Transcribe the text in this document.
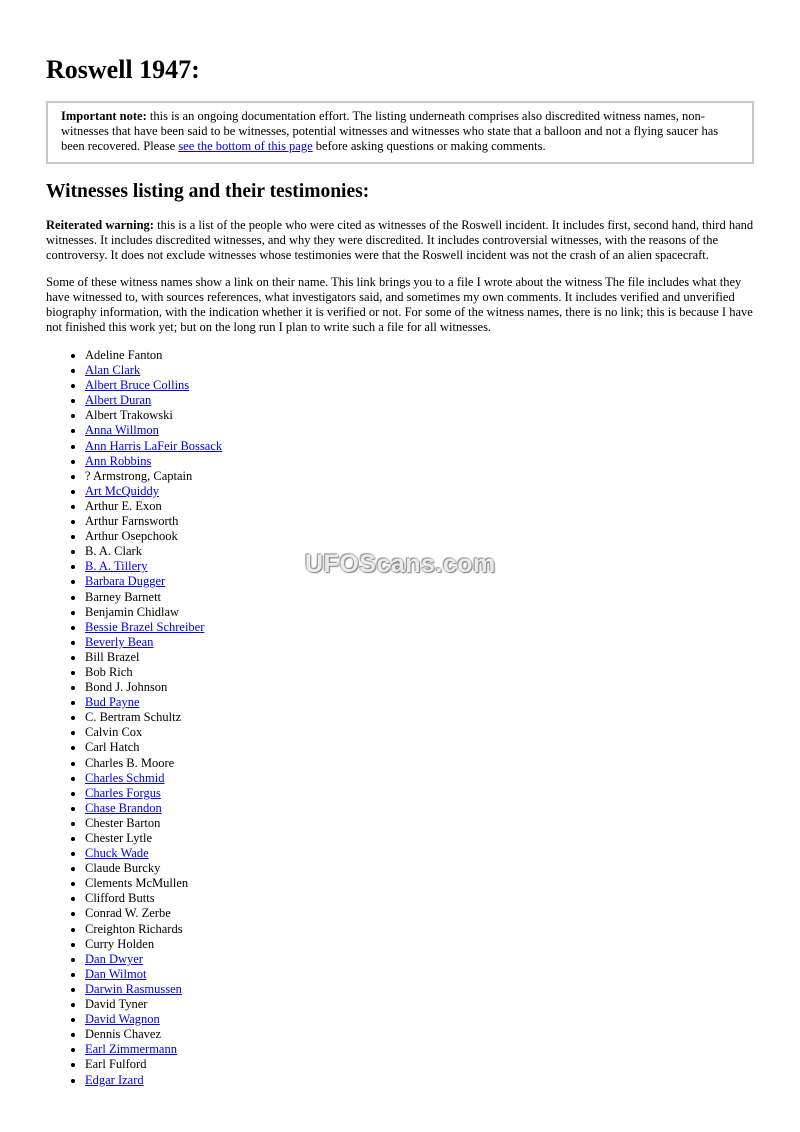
Roswell 1947:
Important note: this is an ongoing documentation effort. The listing underneath comprises also discredited witness names, non-witnesses that have been said to be witnesses, potential witnesses and witnesses who state that a balloon and not a flying saucer has been recovered. Please see the bottom of this page before asking questions or making comments.
Witnesses listing and their testimonies:

Reiterated warning: this is a list of the people who were cited as witnesses of the Roswell incident. It includes first, second hand, third hand witnesses. It includes discredited witnesses, and why they were discredited. It includes controversial witnesses, with the reasons of the controversy. It does not exclude witnesses whose testimonies were that the Roswell incident was not the crash of an alien spacecraft.

Some of these witness names show a link on their name. This link brings you to a file I wrote about the witness The file includes what they have witnessed to, with sources references, what investigators said, and sometimes my own comments. It includes verified and unverified biography information, with the indication whether it is verified or not. For some of the witness names, there is no link; this is because I have not finished this work yet; but on the long run I plan to write such a file for all witnesses.

• Adeline Fanton
• Alan Clark
• Albert Bruce Collins
• Albert Duran
• Albert Trakowski
• Anna Willmon
• Ann Harris LaFeir Bossack
• Ann Robbins
• ? Armstrong, Captain
• Art McQuiddy
• Arthur E. Exon
• Arthur Farnsworth
• Arthur Osepchook
• B. A. Clark
• B. A. Tillery
• Barbara Dugger
• Barney Barnett
• Benjamin Chidlaw
• Bessie Brazel Schreiber
• Beverly Bean
• Bill Brazel
• Bob Rich
• Bond J. Johnson
• Bud Payne
• C. Bertram Schultz
• Calvin Cox
• Carl Hatch
• Charles B. Moore
• Charles Schmid
• Charles Forgus
• Chase Brandon
• Chester Barton
• Chester Lytle
• Chuck Wade
• Claude Burcky
• Clements McMullen
• Clifford Butts
• Conrad W. Zerbe
• Creighton Richards
• Curry Holden
• Dan Dwyer
• Dan Wilmot
• Darwin Rasmussen
• David Tyner
• David Wagnon
• Dennis Chavez
• Earl Zimmermann
• Earl Fulford
• Edgar Izard
UFOScans.com
